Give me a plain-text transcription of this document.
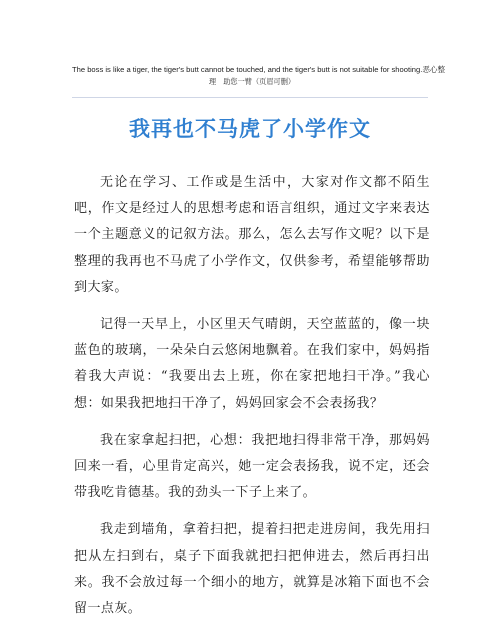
The boss is like a tiger, the tiger's butt cannot be touched, and the tiger's butt is not suitable for shooting.恶心整
理　助您一臂（页眉可删）
我再也不马虎了小学作文

无论在学习、工作或是生活中，大家对作文都不陌生吧，作文是经过人的思想考虑和语言组织，通过文字来表达一个主题意义的记叙方法。那么，怎么去写作文呢？以下是整理的我再也不马虎了小学作文，仅供参考，希望能够帮助到大家。

记得一天早上，小区里天气晴朗，天空蓝蓝的，像一块蓝色的玻璃，一朵朵白云悠闲地飘着。在我们家中，妈妈指着我大声说：“我要出去上班，你在家把地扫干净。”我心想：如果我把地扫干净了，妈妈回家会不会表扬我？

我在家拿起扫把，心想：我把地扫得非常干净，那妈妈回来一看，心里肯定高兴，她一定会表扬我，说不定，还会带我吃肯德基。我的劲头一下子上来了。

我走到墙角，拿着扫把，提着扫把走进房间，我先用扫把从左扫到右，桌子下面我就把扫把伸进去，然后再扫出来。我不会放过每一个细小的地方，就算是冰箱下面也不会留一点灰。
